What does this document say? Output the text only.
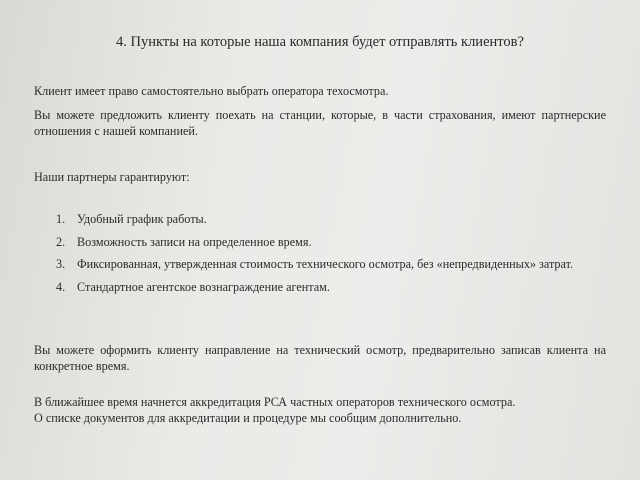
4. Пункты на которые наша компания будет отправлять клиентов?
Клиент имеет право самостоятельно выбрать оператора техосмотра.
Вы можете предложить клиенту поехать на станции, которые, в части страхования, имеют партнерские отношения с нашей компанией.
Наши партнеры гарантируют:
1. Удобный график работы.
2. Возможность записи на определенное время.
3. Фиксированная, утвержденная стоимость технического осмотра, без «непредвиденных» затрат.
4. Стандартное агентское вознаграждение агентам.
Вы можете оформить клиенту направление на технический осмотр, предварительно записав клиента на конкретное время.
В ближайшее время начнется аккредитация РСА частных операторов технического осмотра.
О списке документов для аккредитации и процедуре мы сообщим дополнительно.
